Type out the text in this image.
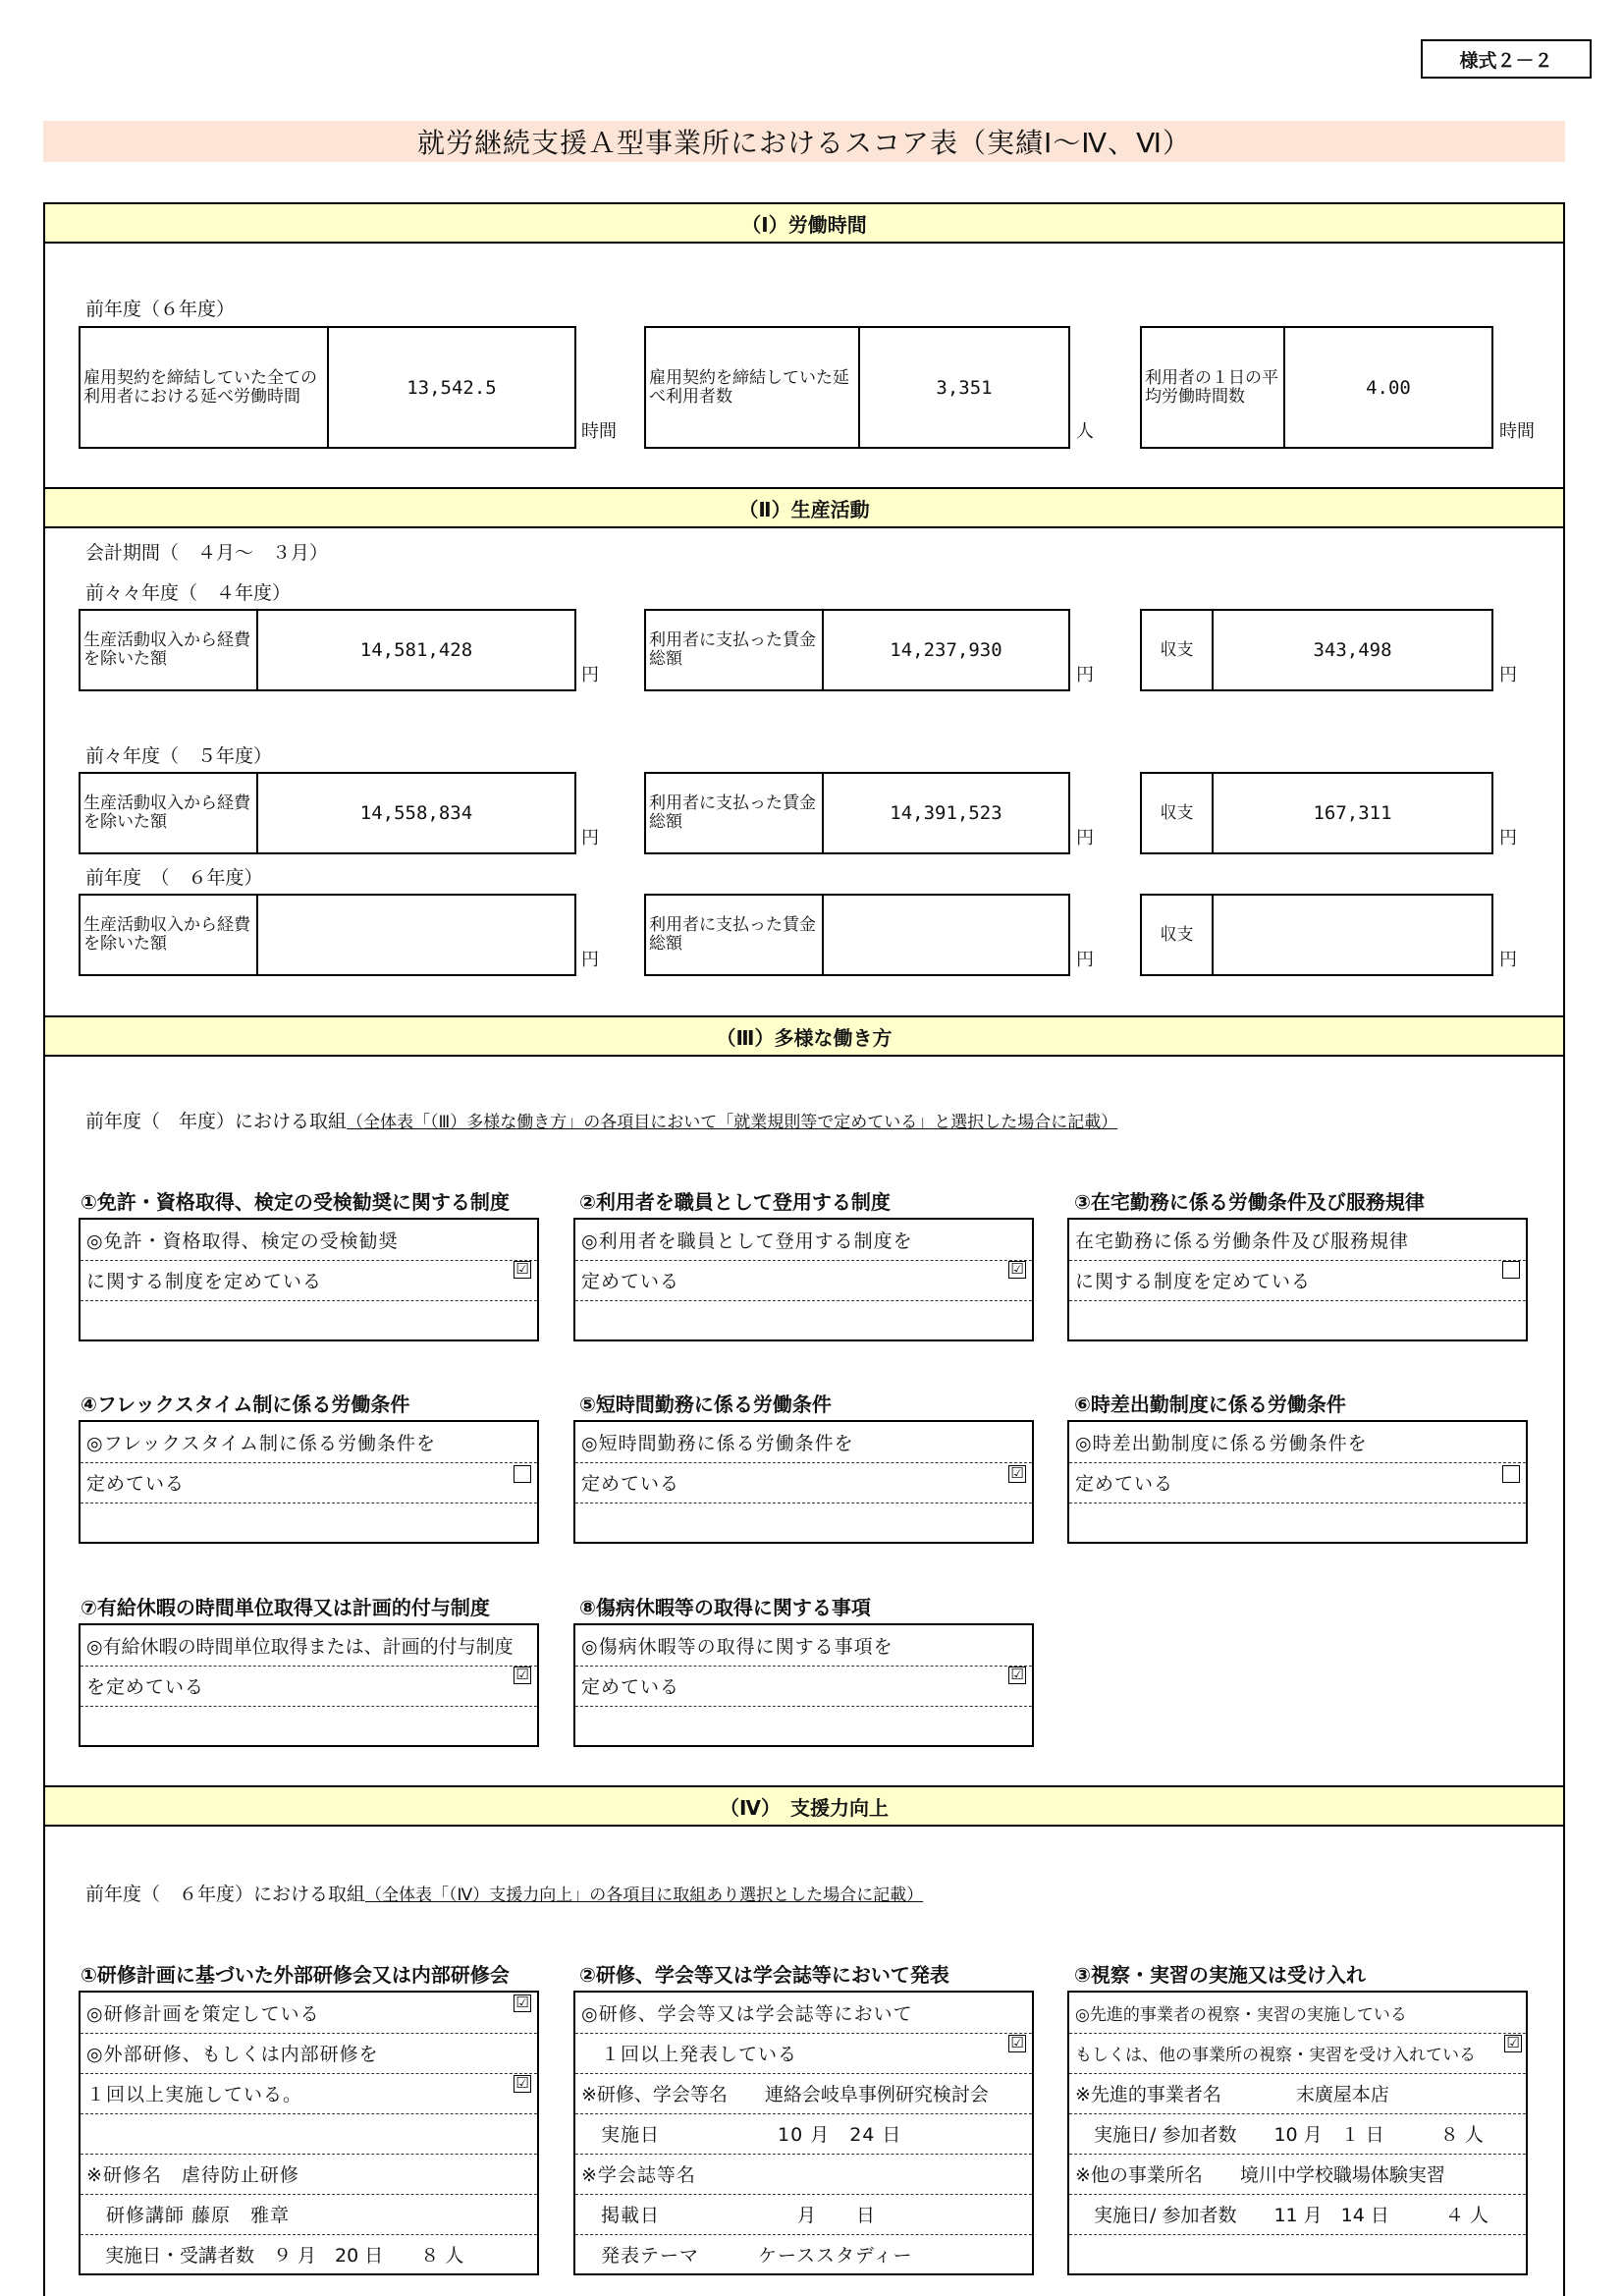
様式２－２
就労継続支援Ａ型事業所におけるスコア表（実績Ⅰ～Ⅳ、Ⅵ）
（Ⅰ）労働時間
前年度（６年度）
雇用契約を締結していた全ての利用者における延べ労働時間	13,542.5
時間
雇用契約を締結していた延べ利用者数	3,351
人
利用者の１日の平均労働時間数	4.00
時間
（Ⅱ）生産活動
会計期間（　４月～　３月）
前々々年度（　４年度）
生産活動収入から経費を除いた額	14,581,428
円
利用者に支払った賃金総額	14,237,930
円
収支	343,498
円
前々年度（　５年度）
生産活動収入から経費を除いた額	14,558,834
円
利用者に支払った賃金総額	14,391,523
円
収支	167,311
円
前年度　（　６年度）
生産活動収入から経費を除いた額
円
利用者に支払った賃金総額
円
収支
円
（Ⅲ）多様な働き方
前年度（　年度）における取組（全体表「（Ⅲ）多様な働き方」の各項目において「就業規則等で定めている」と選択した場合に記載）
①免許・資格取得、検定の受検勧奨に関する制度
◎免許・資格取得、検定の受検勧奨
に関する制度を定めている
☑
②利用者を職員として登用する制度
◎利用者を職員として登用する制度を
定めている
☑
③在宅勤務に係る労働条件及び服務規律
在宅勤務に係る労働条件及び服務規律
に関する制度を定めている
④フレックスタイム制に係る労働条件
◎フレックスタイム制に係る労働条件を
定めている
⑤短時間勤務に係る労働条件
◎短時間勤務に係る労働条件を
定めている	☑
⑥時差出勤制度に係る労働条件
◎時差出勤制度に係る労働条件を
定めている
⑦有給休暇の時間単位取得又は計画的付与制度
◎有給休暇の時間単位取得または、計画的付与制度
を定めている
☑
⑧傷病休暇等の取得に関する事項
◎傷病休暇等の取得に関する事項を
定めている
☑
（Ⅳ）　支援力向上
前年度（　６年度）における取組（全体表「（Ⅳ）支援力向上」の各項目に取組あり選択とした場合に記載）
①研修計画に基づいた外部研修会又は内部研修会
◎研修計画を策定している
◎外部研修、もしくは内部研修を
１回以上実施している。
※研修名　虐待防止研修
　研修講師 藤原　雅章
　実施日・受講者数　９ 月　20 日　　８ 人
☑
☑
②研修、学会等又は学会誌等において発表
◎研修、学会等又は学会誌等において
　１回以上発表している
※研修、学会等名　　連絡会岐阜事例研究検討会
　実施日　　　　　　10 月　24 日
※学会誌等名
　掲載日　　　　　　　月　　日
　発表テーマ　　　ケーススタディー
☑
③視察・実習の実施又は受け入れ
◎先進的事業者の視察・実習の実施している
もしくは、他の事業所の視察・実習を受け入れている
※先進的事業者名　　　　末廣屋本店
　実施日/ 参加者数　　10 月　１ 日　　　８ 人
※他の事業所名　　境川中学校職場体験実習
　実施日/ 参加者数　　11 月　14 日　　　４ 人
☑
